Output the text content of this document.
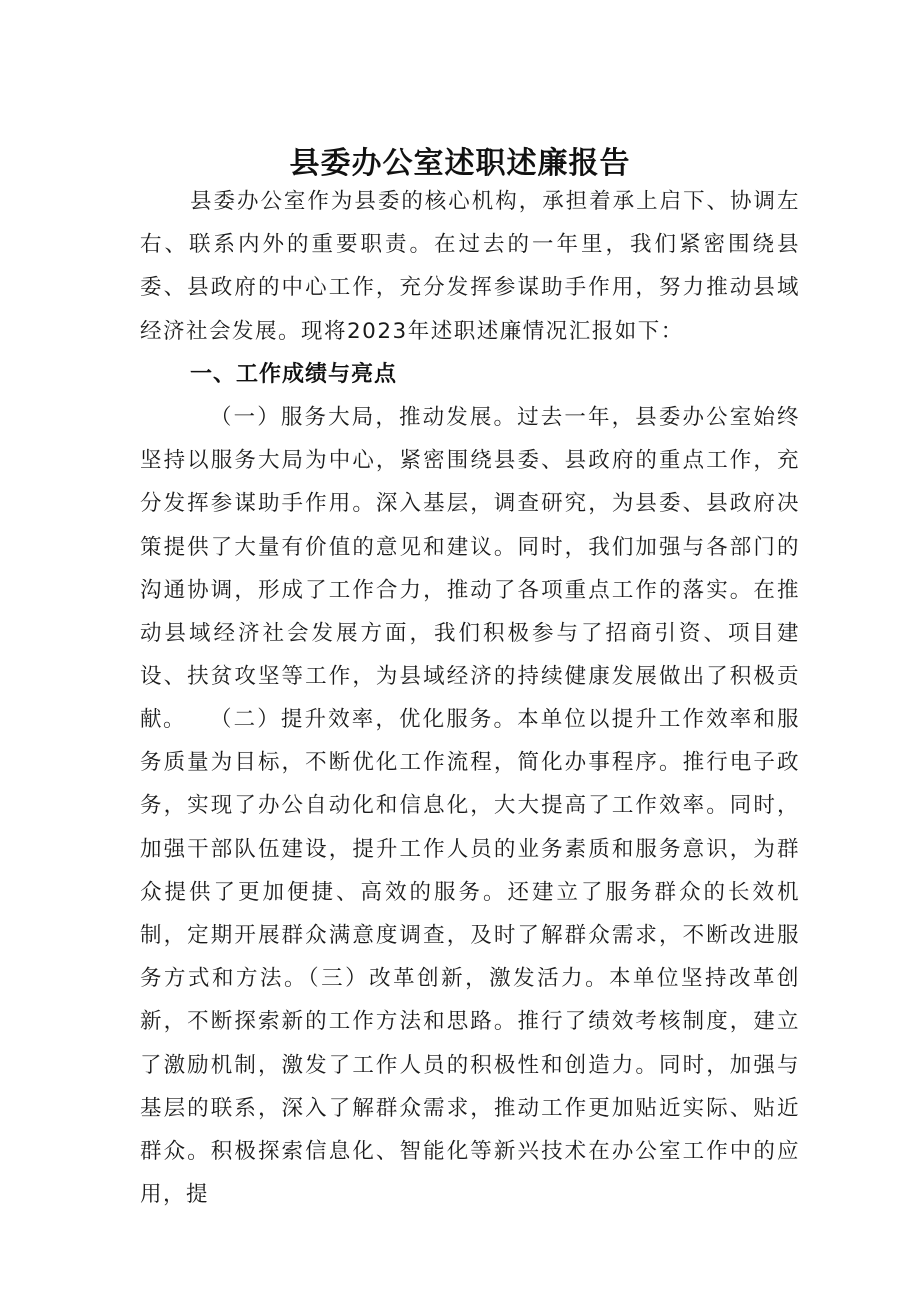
县委办公室述职述廉报告

县委办公室作为县委的核心机构，承担着承上启下、协调左右、联系内外的重要职责。在过去的一年里，我们紧密围绕县委、县政府的中心工作，充分发挥参谋助手作用，努力推动县域经济社会发展。现将2023年述职述廉情况汇报如下：

一、工作成绩与亮点

（一）服务大局，推动发展。过去一年，县委办公室始终坚持以服务大局为中心，紧密围绕县委、县政府的重点工作，充分发挥参谋助手作用。深入基层，调查研究，为县委、县政府决策提供了大量有价值的意见和建议。同时，我们加强与各部门的沟通协调，形成了工作合力，推动了各项重点工作的落实。在推动县域经济社会发展方面，我们积极参与了招商引资、项目建设、扶贫攻坚等工作，为县域经济的持续健康发展做出了积极贡献。	（二）提升效率，优化服务。本单位以提升工作效率和服务质量为目标，不断优化工作流程，简化办事程序。推行电子政务，实现了办公自动化和信息化，大大提高了工作效率。同时，加强干部队伍建设，提升工作人员的业务素质和服务意识，为群众提供了更加便捷、高效的服务。还建立了服务群众的长效机制，定期开展群众满意度调查，及时了解群众需求，不断改进服务方式和方法。（三）改革创新，激发活力。本单位坚持改革创新，不断探索新的工作方法和思路。推行了绩效考核制度，建立了激励机制，激发了工作人员的积极性和创造力。同时，加强与基层的联系，深入了解群众需求，推动工作更加贴近实际、贴近群众。积极探索信息化、智能化等新兴技术在办公室工作中的应用，提
